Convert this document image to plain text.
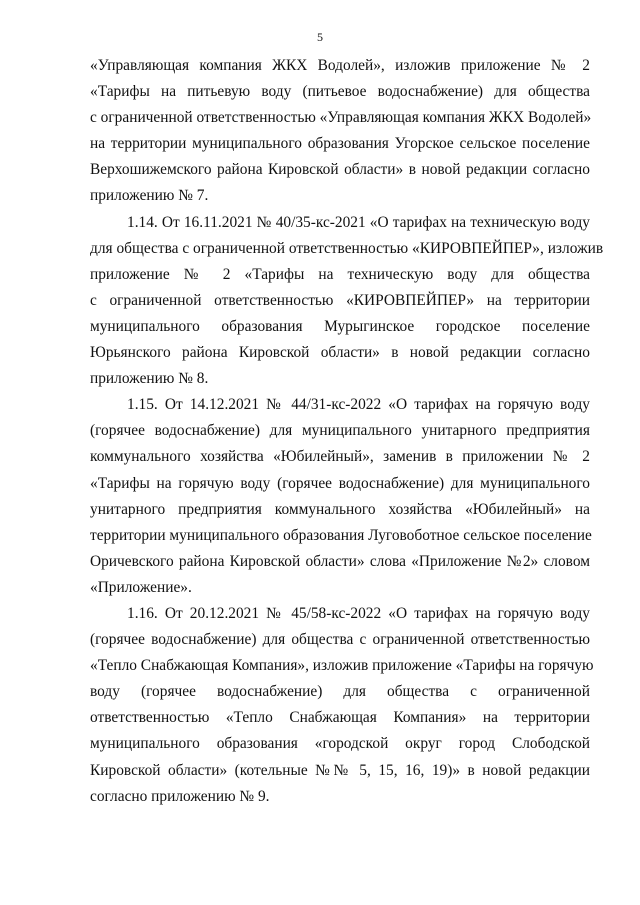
5
«Управляющая компания ЖКХ Водолей», изложив приложение № 2
«Тарифы на питьевую воду (питьевое водоснабжение) для общества
с ограниченной ответственностью «Управляющая компания ЖКХ Водолей»
на территории муниципального образования Угорское сельское поселение
Верхошижемского района Кировской области» в новой редакции согласно
приложению № 7.
1.14. От 16.11.2021 № 40/35-кс-2021 «О тарифах на техническую воду
для общества с ограниченной ответственностью «КИРОВПЕЙПЕР», изложив
приложение № 2 «Тарифы на техническую воду для общества
с ограниченной ответственностью «КИРОВПЕЙПЕР» на территории
муниципального образования Мурыгинское городское поселение
Юрьянского района Кировской области» в новой редакции согласно
приложению № 8.
1.15. От 14.12.2021 № 44/31-кс-2022 «О тарифах на горячую воду
(горячее водоснабжение) для муниципального унитарного предприятия
коммунального хозяйства «Юбилейный», заменив в приложении № 2
«Тарифы на горячую воду (горячее водоснабжение) для муниципального
унитарного предприятия коммунального хозяйства «Юбилейный» на
территории муниципального образования Луговоботное сельское поселение
Оричевского района Кировской области» слова «Приложение №2» словом
«Приложение».
1.16. От 20.12.2021 № 45/58-кс-2022 «О тарифах на горячую воду
(горячее водоснабжение) для общества с ограниченной ответственностью
«Тепло Снабжающая Компания», изложив приложение «Тарифы на горячую
воду (горячее водоснабжение) для общества с ограниченной
ответственностью «Тепло Снабжающая Компания» на территории
муниципального образования «городской округ город Слободской
Кировской области» (котельные №№ 5, 15, 16, 19)» в новой редакции
согласно приложению № 9.
